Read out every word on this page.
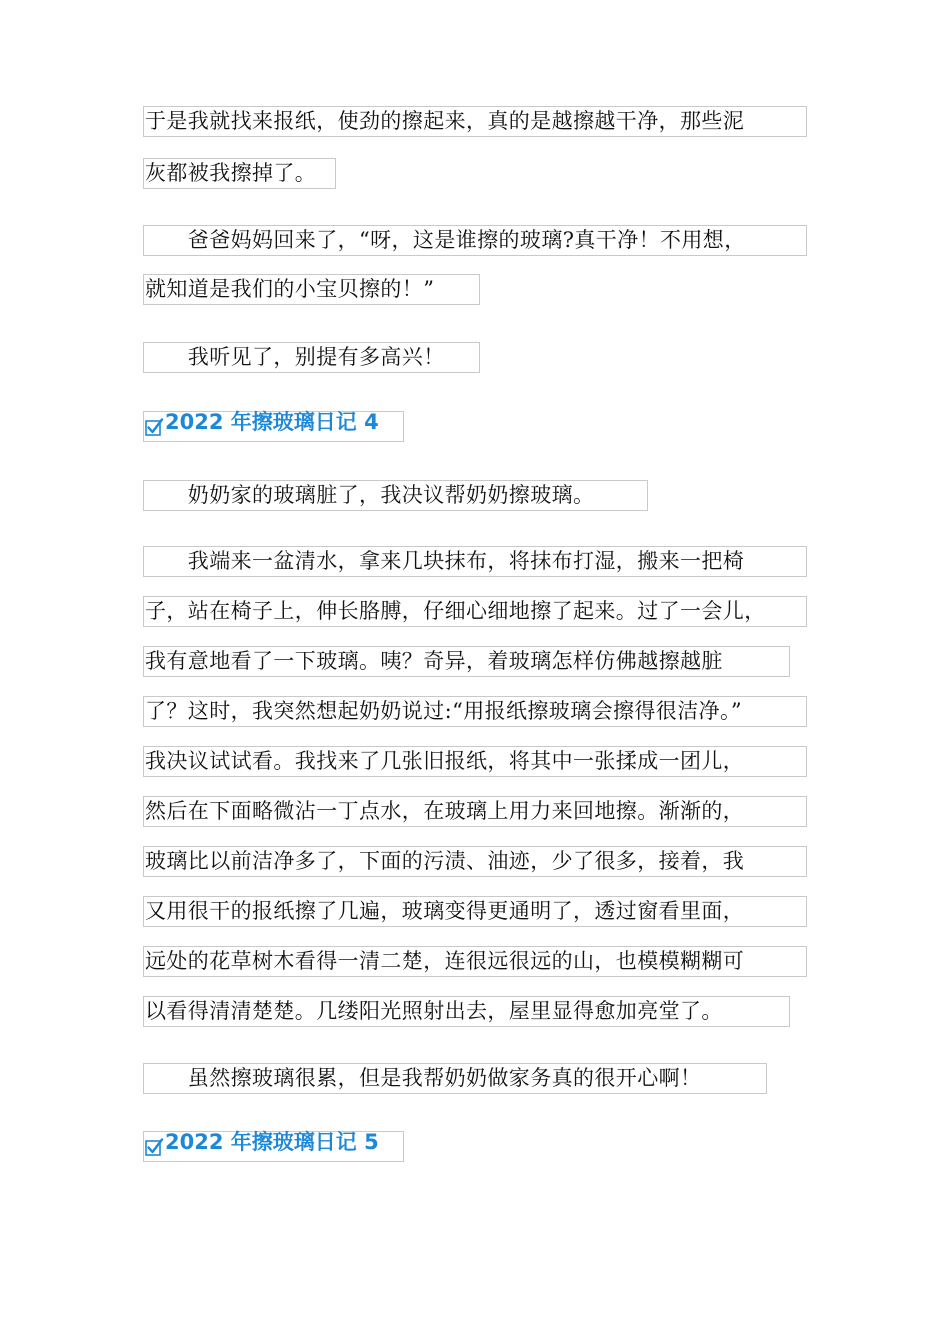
于是我就找来报纸，使劲的擦起来，真的是越擦越干净，那些泥
灰都被我擦掉了。
　　爸爸妈妈回来了，“呀，这是谁擦的玻璃?真干净！不用想，
就知道是我们的小宝贝擦的！”
　　我听见了，别提有多高兴！
2022 年擦玻璃日记 4
　　奶奶家的玻璃脏了，我决议帮奶奶擦玻璃。
　　我端来一盆清水，拿来几块抹布，将抹布打湿，搬来一把椅
子，站在椅子上，伸长胳膊，仔细心细地擦了起来。过了一会儿，
我有意地看了一下玻璃。咦？奇异，着玻璃怎样仿佛越擦越脏
了？这时，我突然想起奶奶说过:“用报纸擦玻璃会擦得很洁净。”
我决议试试看。我找来了几张旧报纸，将其中一张揉成一团儿，
然后在下面略微沾一丁点水，在玻璃上用力来回地擦。渐渐的，
玻璃比以前洁净多了，下面的污渍、油迹，少了很多，接着，我
又用很干的报纸擦了几遍，玻璃变得更通明了，透过窗看里面，
远处的花草树木看得一清二楚，连很远很远的山，也模模糊糊可
以看得清清楚楚。几缕阳光照射出去，屋里显得愈加亮堂了。
　　虽然擦玻璃很累，但是我帮奶奶做家务真的很开心啊！
2022 年擦玻璃日记 5
